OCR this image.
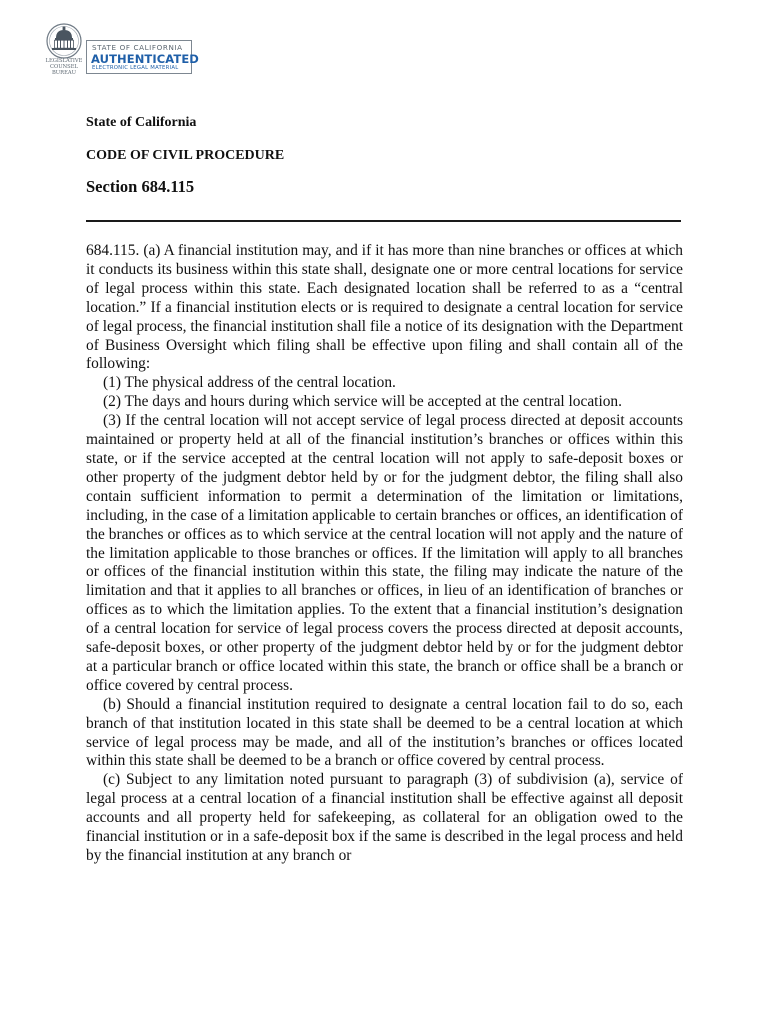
LEGISLATIVE
COUNSEL
BUREAU
STATE OF CALIFORNIA
AUTHENTICATED
ELECTRONIC LEGAL MATERIAL
State of California
CODE OF CIVIL PROCEDURE
Section 684.115

684.115. (a) A financial institution may, and if it has more than nine branches or offices at which it conducts its business within this state shall, designate one or more central locations for service of legal process within this state. Each designated location shall be referred to as a “central location.” If a financial institution elects or is required to designate a central location for service of legal process, the financial institution shall file a notice of its designation with the Department of Business Oversight which filing shall be effective upon filing and shall contain all of the following:

(1) The physical address of the central location.

(2) The days and hours during which service will be accepted at the central location.

(3) If the central location will not accept service of legal process directed at deposit accounts maintained or property held at all of the financial institution’s branches or offices within this state, or if the service accepted at the central location will not apply to safe-deposit boxes or other property of the judgment debtor held by or for the judgment debtor, the filing shall also contain sufficient information to permit a determination of the limitation or limitations, including, in the case of a limitation applicable to certain branches or offices, an identification of the branches or offices as to which service at the central location will not apply and the nature of the limitation applicable to those branches or offices. If the limitation will apply to all branches or offices of the financial institution within this state, the filing may indicate the nature of the limitation and that it applies to all branches or offices, in lieu of an identification of branches or offices as to which the limitation applies. To the extent that a financial institution’s designation of a central location for service of legal process covers the process directed at deposit accounts, safe-deposit boxes, or other property of the judgment debtor held by or for the judgment debtor at a particular branch or office located within this state, the branch or office shall be a branch or office covered by central process.

(b) Should a financial institution required to designate a central location fail to do so, each branch of that institution located in this state shall be deemed to be a central location at which service of legal process may be made, and all of the institution’s branches or offices located within this state shall be deemed to be a branch or office covered by central process.

(c) Subject to any limitation noted pursuant to paragraph (3) of subdivision (a), service of legal process at a central location of a financial institution shall be effective against all deposit accounts and all property held for safekeeping, as collateral for an obligation owed to the financial institution or in a safe-deposit box if the same is described in the legal process and held by the financial institution at any branch or
